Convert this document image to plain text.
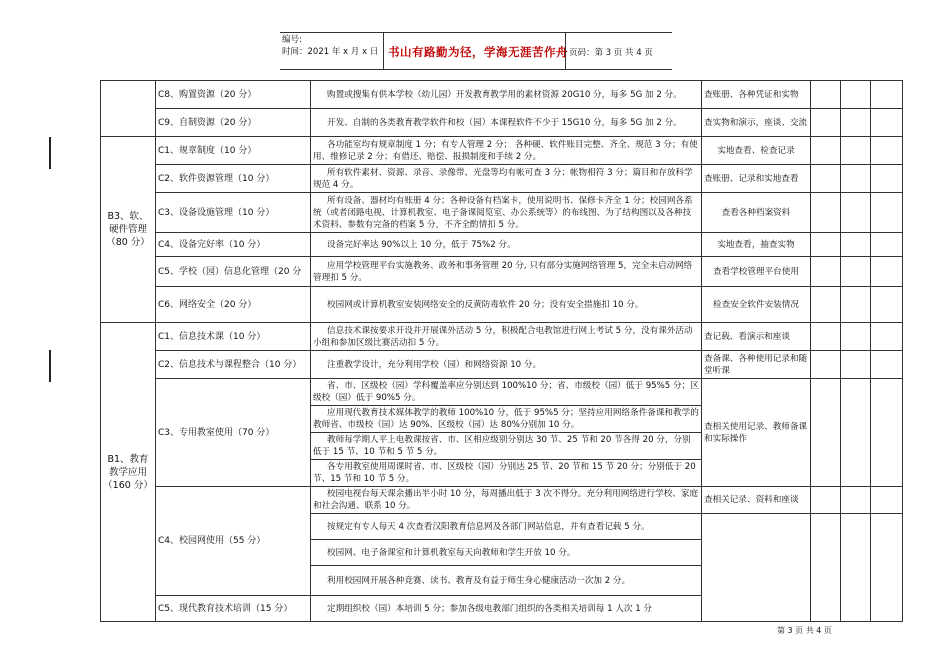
编号:
时间：2021 年 x 月 x 日 书山有路勤为径，学海无涯苦作舟 页码：第 3 页 共 4 页
	C8、购置资源（20 分）	购置或搜集有供本学校（幼儿园）开发教育教学用的素材资源 20G10 分，每多 5G 加 2 分。	查账册、各种凭证和实物			
	C9、自制资源（20 分）	开发、自制的各类教育教学软件和校（园）本课程软件不少于 15G10 分，每多 5G 加 2 分。	查实物和演示，座谈、交流			
B3、软、硬件管理（80 分）	C1、规章制度（10 分）	各功能室均有规章制度 1 分；有专人管理 2 分； 各种硬、软件账目完整、齐全、规范 3 分；有使用、维修记录 2 分；有借还、赔偿、报损制度和手续 2 分。	实地查看、检查记录			
	C2、软件资源管理（10 分）	所有软件素材、资源、录音、录像带、光盘等均有帐可查 3 分；帐物相符 3 分；篇目和存放科学规范 4 分。	查账册、记录和实地查看			
	C3、设备设施管理（10 分）	所有设备、器材均有账册 4 分；各种设备有档案卡，使用说明书、保修卡齐全 1 分；校园网各系统（或者闭路电视、计算机教室、电子备课阅览室、办公系统等）的布线图、为了结构图以及各种技术资料、参数有完备的档案 5 分，不齐全酌情扣 5 分。	查看各种档案资料			
	C4、设备完好率（10 分）	设备完好率达 90%以上 10 分，低于 75%2 分。	实地查看，抽查实物			
	C5、学校（园）信息化管理（20 分	应用学校管理平台实施教务、政务和事务管理 20 分, 只有部分实施网络管理 5，完全未启动网络管理扣 5 分。	查看学校管理平台使用			
	C6、网络安全（20 分）	校园网或计算机教室安装网络安全的反黄防毒软件 20 分；没有安全措施扣 10 分。	检查安全软件安装情况			
B1、教育教学应用（160 分）	C1、信息技术课（10 分）	信息技术课按要求开设并开展课外活动 5 分，积极配合电教馆进行网上考试 5 分，没有课外活动小组和参加区级比赛活动扣 5 分。	查记载、看演示和座谈			
	C2、信息技术与课程整合（10 分）	注重教学设计，充分利用学校（园）和网络资源 10 分。	查备课、各种使用记录和随堂听课			
	C3、专用教室使用（70 分）	省、市、区级校（园）学科覆盖率应分别达到 100%10 分；省、市级校（园）低于 95%5 分；区级校（园）低于 90%5 分。	查相关使用记录、教师备课和实际操作			
		应用现代教育技术媒体教学的教师 100%10 分，低于 95%5 分；坚持应用网络条件备课和教学的教师省、市级校（园）达 90%、区级校（园）达 80%分别加 10 分。				
		教师每学期人平上电教课按省、市、区相应级别分别达 30 节、25 节和 20 节各得 20 分，分别低于 15 节、10 节和 5 节 5 分。				
		各专用教室使用周课时省、市、区级校（园）分别达 25 节、20 节和 15 节 20 分；分别低于 20 节、15 节和 10 节 5 分。				
	C4、校园网使用（55 分）	校园电视台每天课余播出半小时 10 分，每周播出低于 3 次不得分。充分利用网络进行学校、家庭和社会沟通、联系 10 分。	查相关记录、资料和座谈			
		按规定有专人每天 4 次查看汉阳教育信息网及各部门网站信息，并有查看记载 5 分。				
		校园网、电子备课室和计算机教室每天向教师和学生开放 10 分。				
		利用校园网开展各种竞赛、读书、教育及有益于师生身心健康活动一次加 2 分。				
	C5、现代教育技术培训（15 分）	定期组织校（园）本培训 5 分；参加各级电教部门组织的各类相关培训每 1 人次 1 分				
第 3 页 共 4 页
